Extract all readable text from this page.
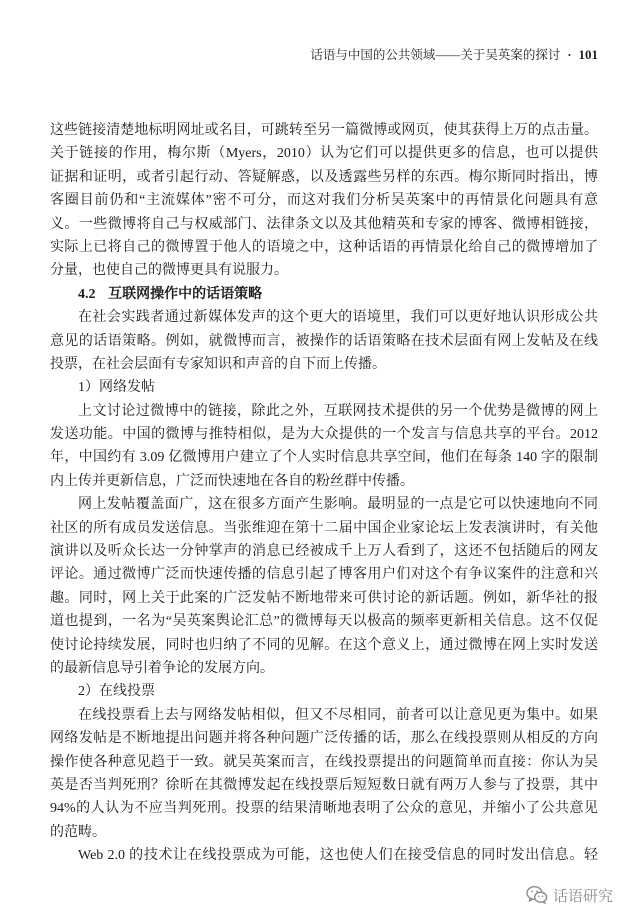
话语与中国的公共领域——关于吴英案的探讨 · 101
这些链接清楚地标明网址或名目，可跳转至另一篇微博或网页，使其获得上万的点击量。
关于链接的作用，梅尔斯（Myers，2010）认为它们可以提供更多的信息，也可以提供
证据和证明，或者引起行动、答疑解惑，以及透露些另样的东西。梅尔斯同时指出，博
客圈目前仍和“主流媒体”密不可分，而这对我们分析吴英案中的再情景化问题具有意
义。一些微博将自己与权威部门、法律条文以及其他精英和专家的博客、微博相链接，
实际上已将自己的微博置于他人的语境之中，这种话语的再情景化给自己的微博增加了
分量，也使自己的微博更具有说服力。
4.2 互联网操作中的话语策略
在社会实践者通过新媒体发声的这个更大的语境里，我们可以更好地认识形成公共
意见的话语策略。例如，就微博而言，被操作的话语策略在技术层面有网上发帖及在线
投票，在社会层面有专家知识和声音的自下而上传播。
1）网络发帖
上文讨论过微博中的链接，除此之外，互联网技术提供的另一个优势是微博的网上
发送功能。中国的微博与推特相似，是为大众提供的一个发言与信息共享的平台。2012
年，中国约有 3.09 亿微博用户建立了个人实时信息共享空间，他们在每条 140 字的限制
内上传并更新信息，广泛而快速地在各自的粉丝群中传播。
网上发帖覆盖面广，这在很多方面产生影响。最明显的一点是它可以快速地向不同
社区的所有成员发送信息。当张维迎在第十二届中国企业家论坛上发表演讲时，有关他
演讲以及听众长达一分钟掌声的消息已经被成千上万人看到了，这还不包括随后的网友
评论。通过微博广泛而快速传播的信息引起了博客用户们对这个有争议案件的注意和兴
趣。同时，网上关于此案的广泛发帖不断地带来可供讨论的新话题。例如，新华社的报
道也提到，一名为“吴英案舆论汇总”的微博每天以极高的频率更新相关信息。这不仅促
使讨论持续发展，同时也归纳了不同的见解。在这个意义上，通过微博在网上实时发送
的最新信息导引着争论的发展方向。
2）在线投票
在线投票看上去与网络发帖相似，但又不尽相同，前者可以让意见更为集中。如果
网络发帖是不断地提出问题并将各种问题广泛传播的话，那么在线投票则从相反的方向
操作使各种意见趋于一致。就吴英案而言，在线投票提出的问题简单而直接：你认为吴
英是否当判死刑？徐昕在其微博发起在线投票后短短数日就有两万人参与了投票，其中
94%的人认为不应当判死刑。投票的结果清晰地表明了公众的意见，并缩小了公共意见
的范畴。
Web 2.0 的技术让在线投票成为可能，这也使人们在接受信息的同时发出信息。轻
话语研究
